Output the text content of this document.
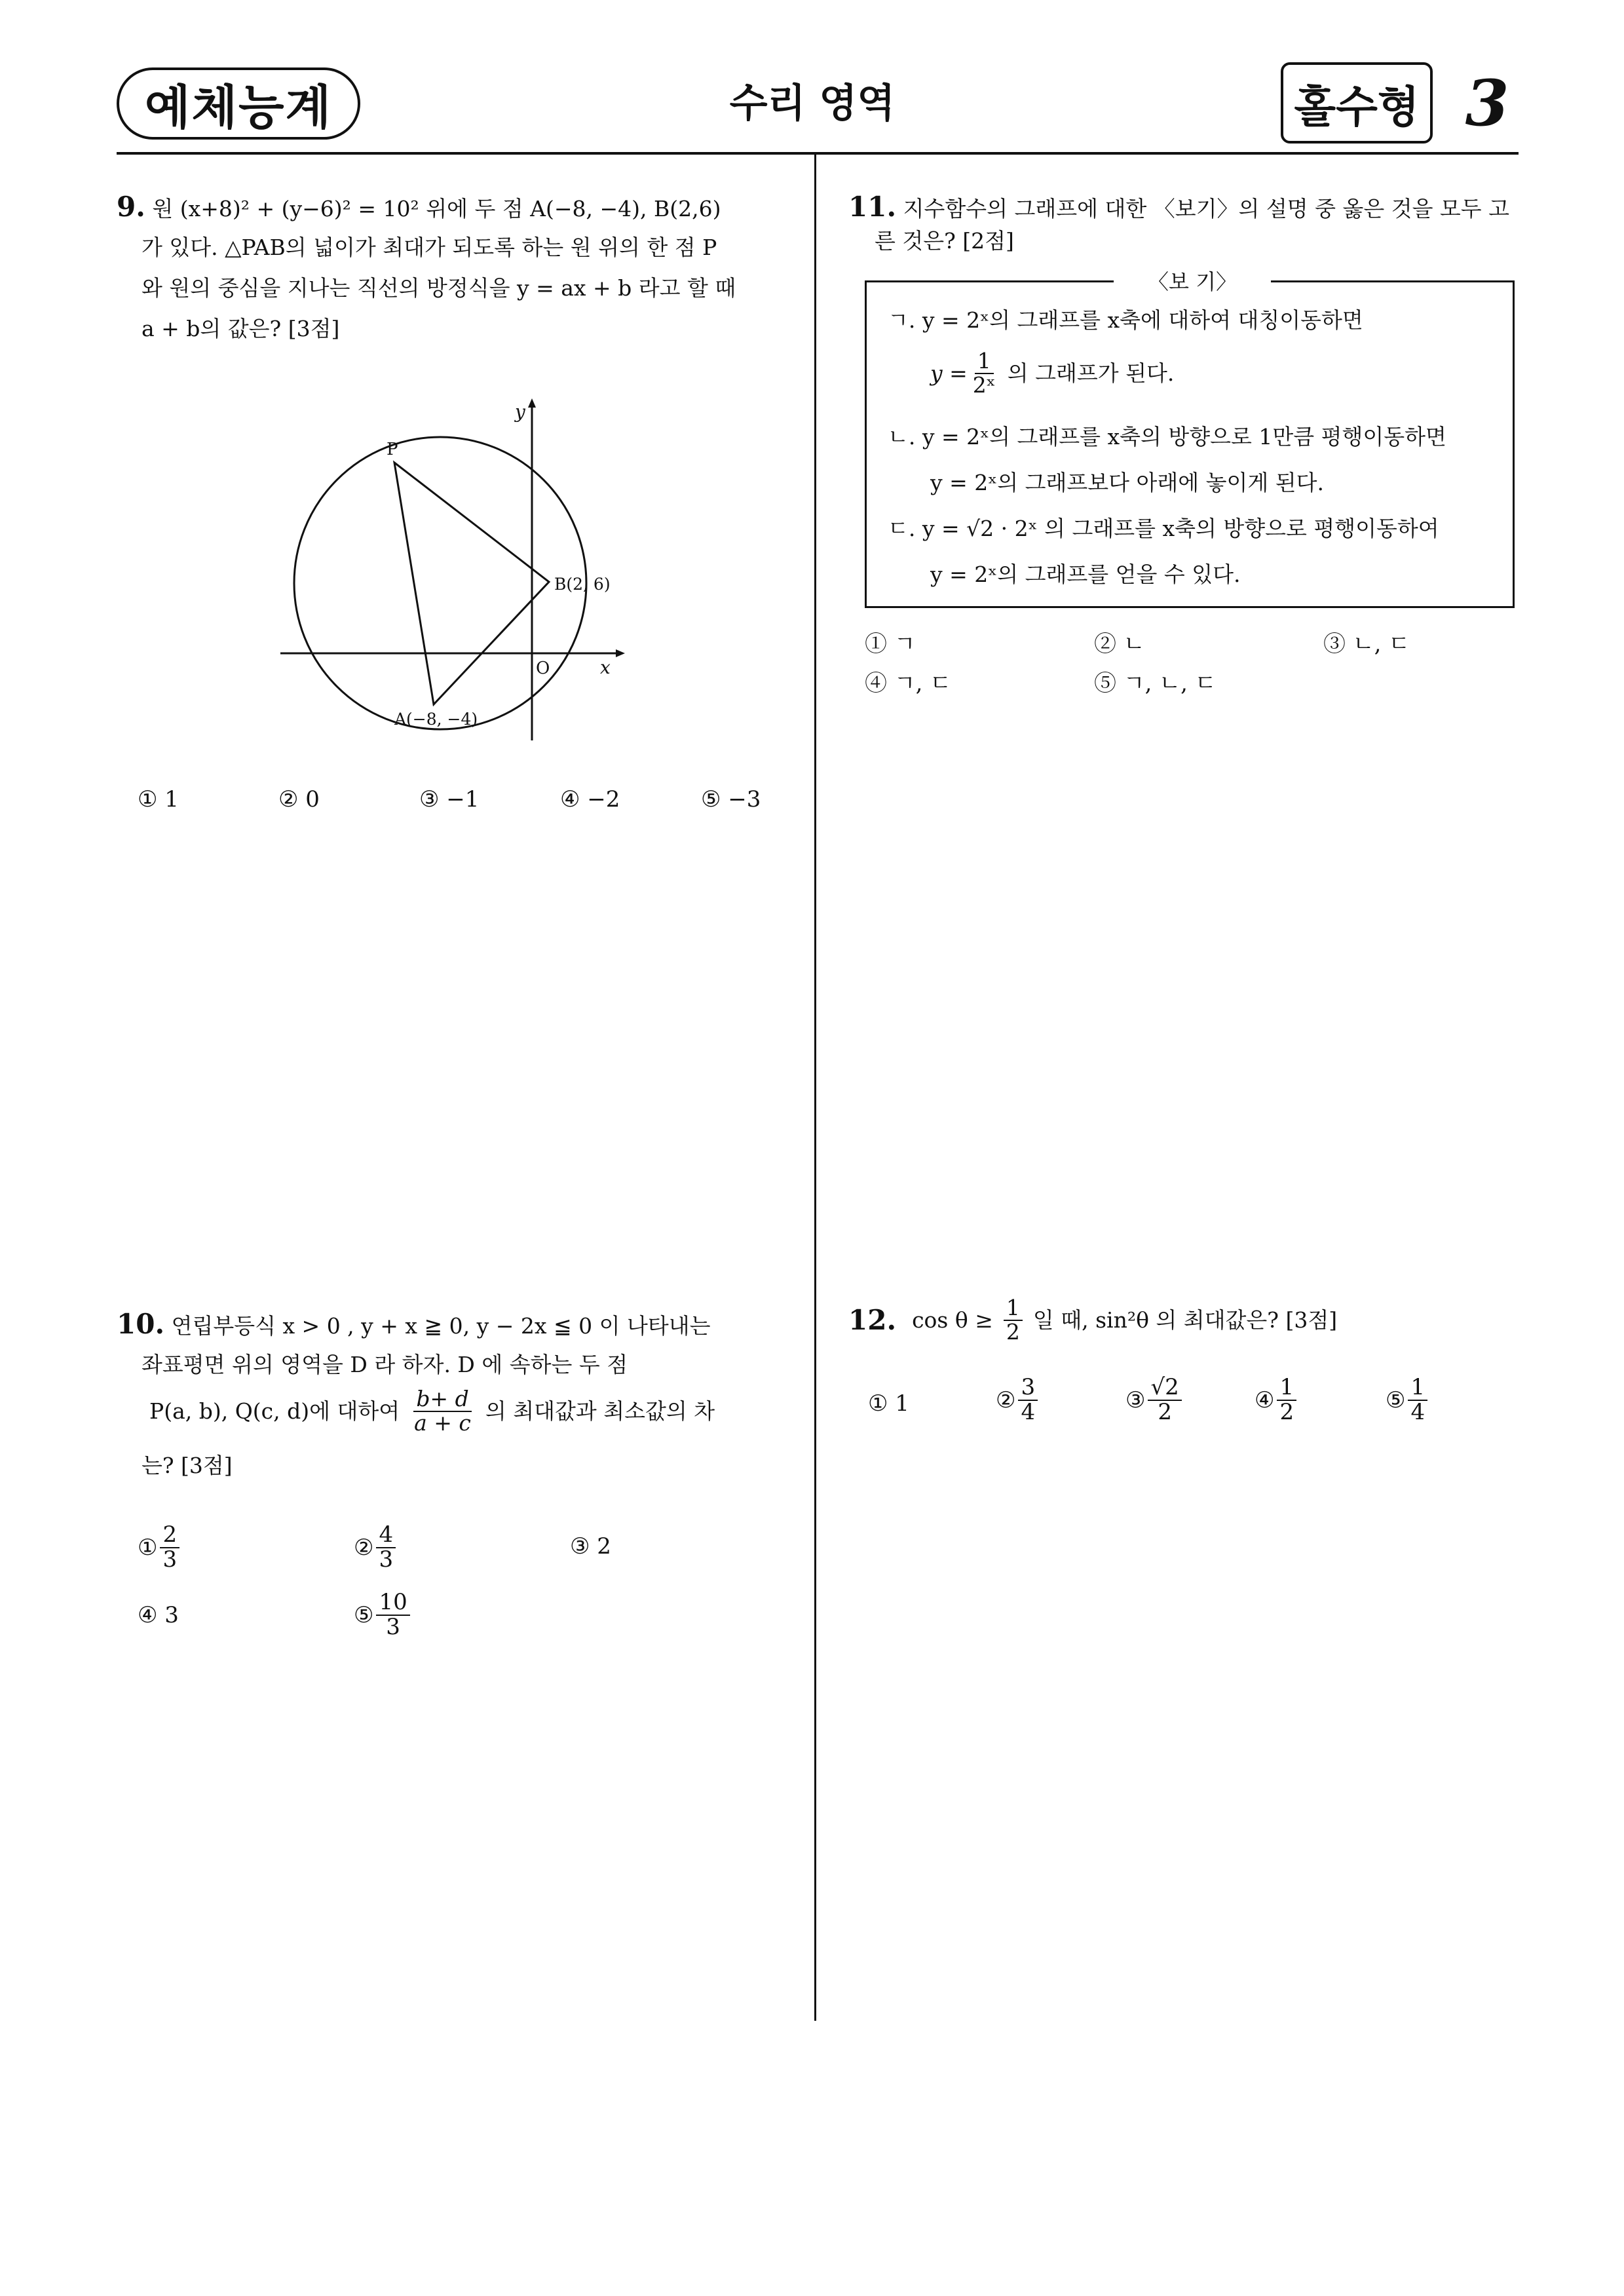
예체능계	수리 영역	홀수형 3
9. 원 (x+8)² + (y−6)² = 10² 위에 두 점 A(−8, −4), B(2,6)
가 있다. △PAB의 넓이가 최대가 되도록 하는 원 위의 한 점 P
와 원의 중심을 지나는 직선의 방정식을 y = ax + b 라고 할 때
a + b의 값은? [3점]
P
B(2, 6)
A(−8, −4)
O	x
y
① 1	② 0	③ −1	④ −2	⑤ −3
10. 연립부등식 x > 0 , y + x ≧ 0, y − 2x ≦ 0 이 나타내는
좌표평면 위의 영역을 D 라 하자. D 에 속하는 두 점
P(a, b), Q(c, d)에 대하여 $\frac{b+ d}{a + c}$ 의 최대값과 최소값의 차
는? [3점]
① $\frac{2}{3}$	② $\frac{4}{3}$	③ 2
④ 3	⑤ $\frac{10}{3}$
11. 지수함수의 그래프에 대한 〈보기〉의 설명 중 옳은 것을 모두 고
른 것은? [2점]
〈보 기〉
ㄱ. y = 2ˣ의 그래프를 x축에 대하여 대칭이동하면
$y = \frac{1}{\text{2ˣ}}$ 의 그래프가 된다.
ㄴ. y = 2ˣ의 그래프를 x축의 방향으로 1만큼 평행이동하면
y = 2ˣ의 그래프보다 아래에 놓이게 된다.
ㄷ. y = √2 · 2ˣ 의 그래프를 x축의 방향으로 평행이동하여
y = 2ˣ의 그래프를 얻을 수 있다.
① ㄱ	② ㄴ	③ ㄴ, ㄷ
④ ㄱ, ㄷ	⑤ ㄱ, ㄴ, ㄷ
12. $\cos \theta \ge \frac{1}{2}$ 일 때, sin²θ 의 최대값은? [3점]
① 1	② $\frac{3}{4}$	③ $\frac{√2}{2}$	④ $\frac{1}{2}$	⑤ $\frac{1}{4}$
